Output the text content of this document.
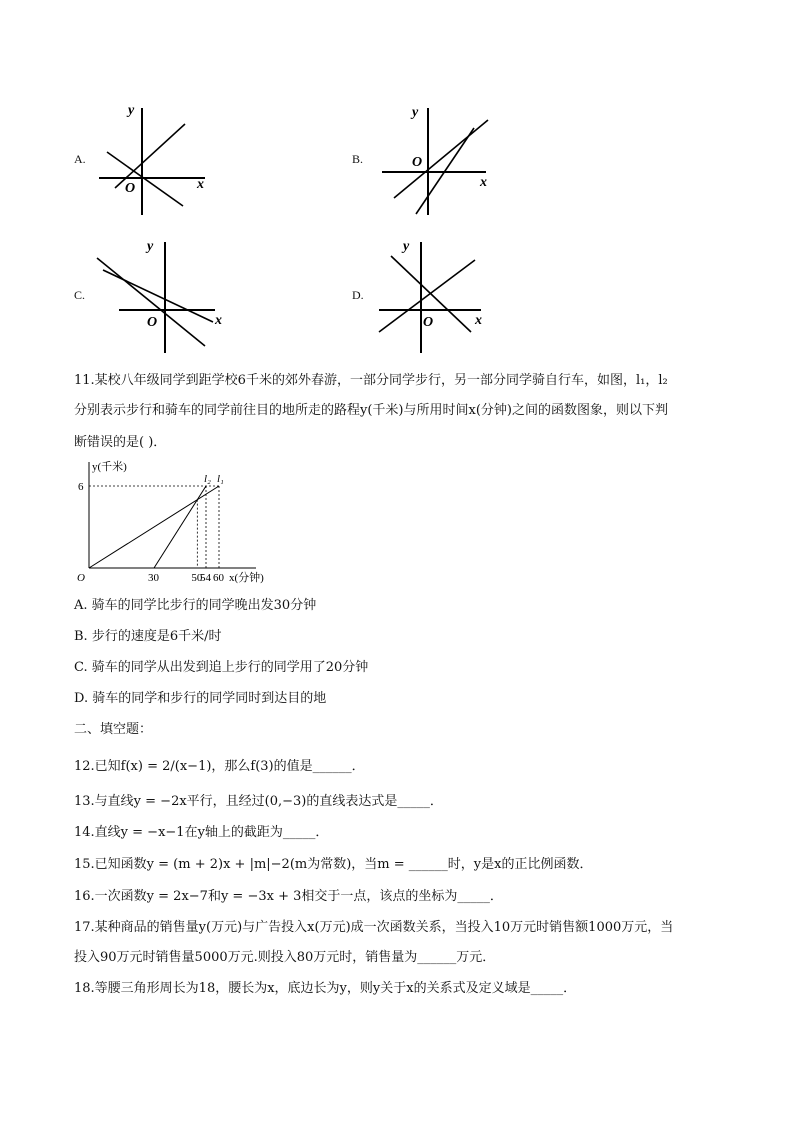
A.
y
x
O
B.
y
x
O
C.
y
x
O
D.
y
x
O
11.某校八年级同学到距学校6千米的郊外春游，一部分同学步行，另一部分同学骑自行车，如图，l₁，l₂
分别表示步行和骑车的同学前往目的地所走的路程y(千米)与所用时间x(分钟)之间的函数图象，则以下判
断错误的是( )．
l₁
l₂
30	50
54 60
6
O
y(千米)
x(分钟)
A. 骑车的同学比步行的同学晚出发30分钟
B. 步行的速度是6千米/时
C. 骑车的同学从出发到追上步行的同学用了20分钟
D. 骑车的同学和步行的同学同时到达目的地
二、填空题：
12.已知f(x) = 2/(x−1)，那么f(3)的值是______．
13.与直线y = −2x平行，且经过(0,−3)的直线表达式是_____．
14.直线y = −x−1在y轴上的截距为_____．
15.已知函数y = (m + 2)x + |m|−2(m为常数)，当m = ______时，y是x的正比例函数．
16.一次函数y = 2x−7和y = −3x + 3相交于一点，该点的坐标为_____．
17.某种商品的销售量y(万元)与广告投入x(万元)成一次函数关系，当投入10万元时销售额1000万元，当
投入90万元时销售量5000万元.则投入80万元时，销售量为______万元．
18.等腰三角形周长为18，腰长为x，底边长为y，则y关于x的关系式及定义域是_____．
